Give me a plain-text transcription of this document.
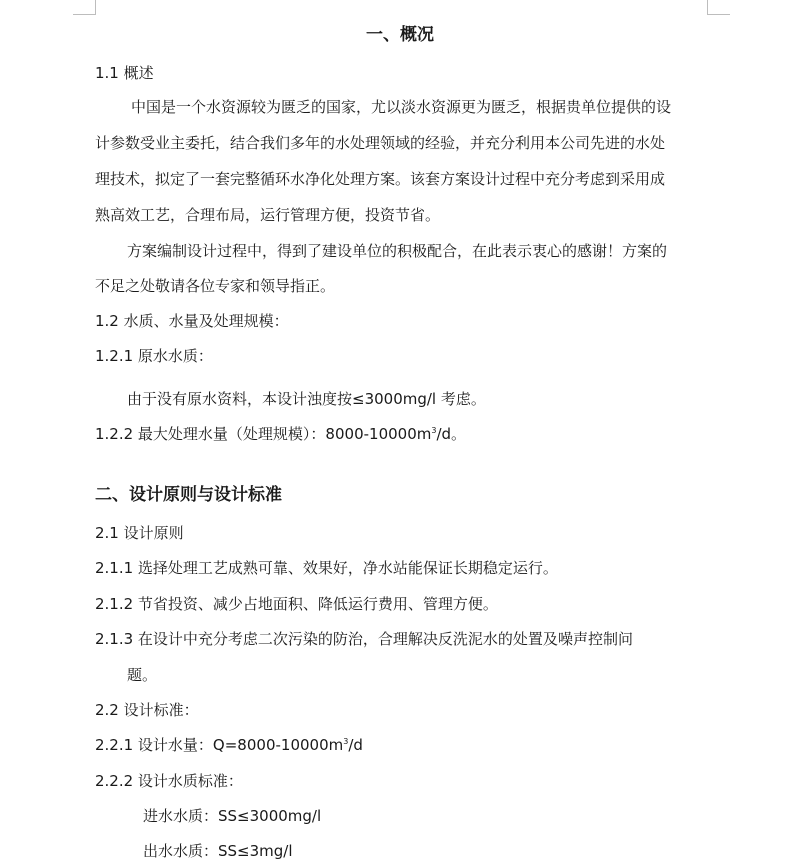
一、概况
1.1 概述
中国是一个水资源较为匮乏的国家，尤以淡水资源更为匮乏，根据贵单位提供的设
计参数受业主委托，结合我们多年的水处理领域的经验，并充分利用本公司先进的水处
理技术，拟定了一套完整循环水净化处理方案。该套方案设计过程中充分考虑到采用成
熟高效工艺，合理布局，运行管理方便，投资节省。
方案编制设计过程中，得到了建设单位的积极配合，在此表示衷心的感谢！方案的
不足之处敬请各位专家和领导指正。
1.2 水质、水量及处理规模：
1.2.1 原水水质：
由于没有原水资料，本设计浊度按≤3000mg/l 考虑。
1.2.2 最大处理水量（处理规模）：$8000-10000m^3/d$。
二、设计原则与设计标准
2.1 设计原则
2.1.1 选择处理工艺成熟可靠、效果好，净水站能保证长期稳定运行。
2.1.2 节省投资、减少占地面积、降低运行费用、管理方便。
2.1.3 在设计中充分考虑二次污染的防治，合理解决反洗泥水的处置及噪声控制问
题。
2.2 设计标准：
2.2.1 设计水量：$Q=8000-10000m^3/d$
2.2.2 设计水质标准：
进水水质：SS≤3000mg/l
出水水质：SS≤3mg/l
